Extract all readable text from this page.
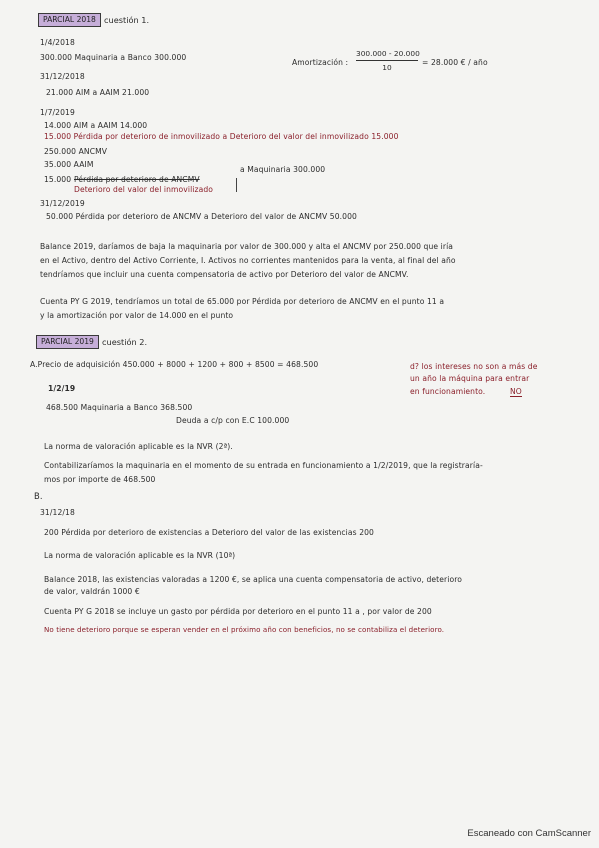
PARCIAL 2018 cuestión 1.
1/4/2018
300.000 Maquinaria a Banco 300.000
Amortización :
300.000 - 20.000
10
= 28.000 € / año
31/12/2018
21.000 AIM a AAIM 21.000
1/7/2019
14.000 AIM a AAIM 14.000
15.000 Pérdida por deterioro de inmovilizado a Deterioro del valor del inmovilizado 15.000
250.000 ANCMV
35.000 AAIM
a Maquinaria 300.000
15.000 Pérdida por deterioro de ANCMV
Deterioro del valor del inmovilizado
31/12/2019
50.000 Pérdida por deterioro de ANCMV a Deterioro del valor de ANCMV 50.000
Balance 2019, daríamos de baja la maquinaria por valor de 300.000 y alta el ANCMV por 250.000 que iría
en el Activo, dentro del Activo Corriente, I. Activos no corrientes mantenidos para la venta, al final del año
tendríamos que incluir una cuenta compensatoria de activo por Deterioro del valor de ANCMV.
Cuenta PY G 2019, tendríamos un total de 65.000 por Pérdida por deterioro de ANCMV en el punto 11 a
y la amortización por valor de 14.000 en el punto
PARCIAL 2019 cuestión 2.
A.Precio de adquisición 450.000 + 8000 + 1200 + 800 + 8500 = 468.500	d? los intereses no son a más de
un año la máquina para entrar
en funcionamiento.	NO
1/2/19
468.500 Maquinaria a Banco 368.500
Deuda a c/p con E.C 100.000
La norma de valoración aplicable es la NVR (2ª).
Contabilizaríamos la maquinaria en el momento de su entrada en funcionamiento a 1/2/2019, que la registraría-
mos por importe de 468.500
B.
31/12/18
200 Pérdida por deterioro de existencias a Deterioro del valor de las existencias 200
La norma de valoración aplicable es la NVR (10ª)
Balance 2018, las existencias valoradas a 1200 €, se aplica una cuenta compensatoria de activo, deterioro
de valor, valdrán 1000 €
Cuenta PY G 2018 se incluye un gasto por pérdida por deterioro en el punto 11 a , por valor de 200
No tiene deterioro porque se esperan vender en el próximo año con beneficios, no se contabiliza el deterioro.
Escaneado con CamScanner
